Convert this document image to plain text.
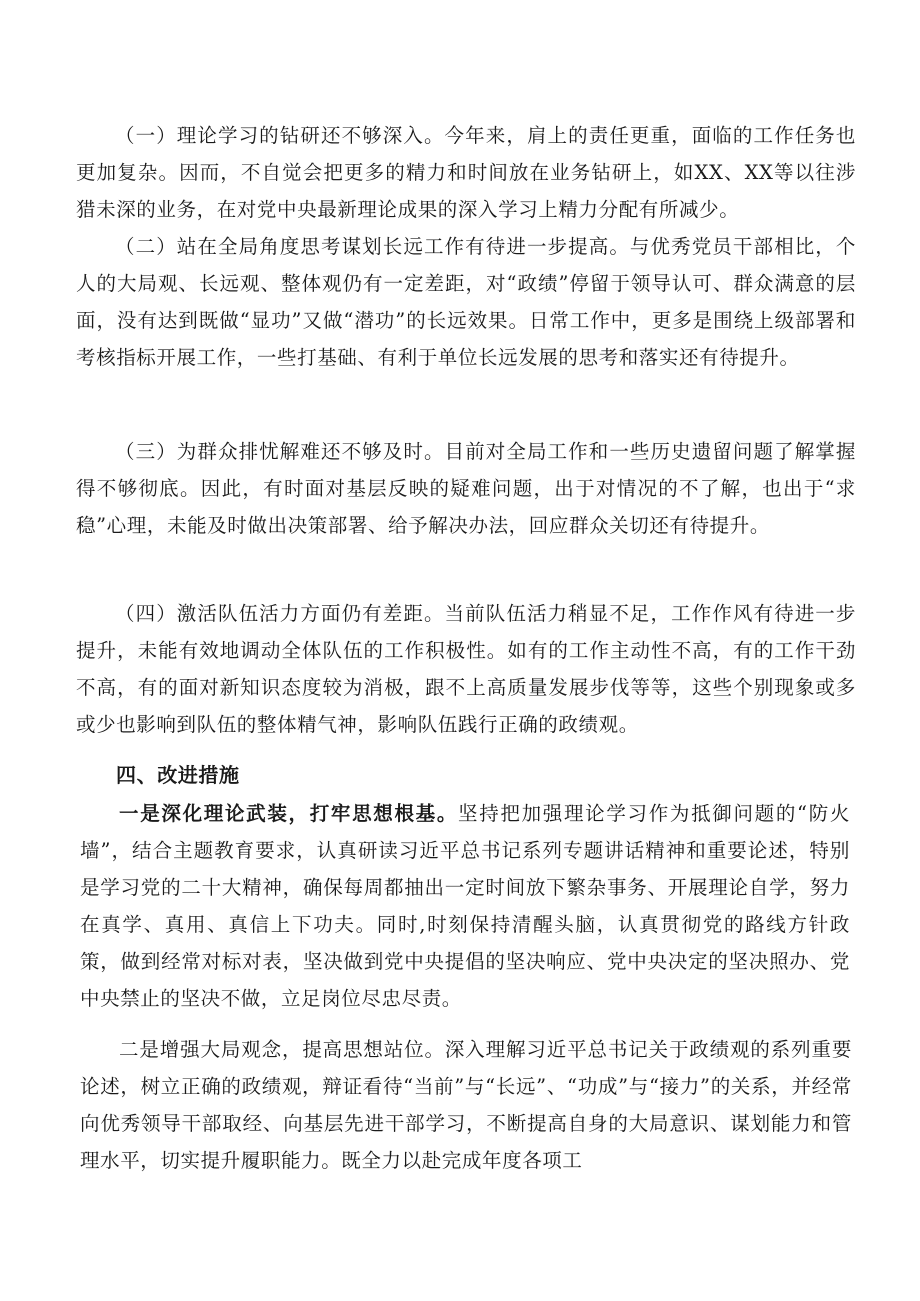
（一）理论学习的钻研还不够深入。今年来，肩上的责任更重，面临的工作任务也更加复杂。因而，不自觉会把更多的精力和时间放在业务钻研上，如XX、XX等以往涉猎未深的业务，在对党中央最新理论成果的深入学习上精力分配有所减少。

（二）站在全局角度思考谋划长远工作有待进一步提高。与优秀党员干部相比，个人的大局观、长远观、整体观仍有一定差距，对“政绩”停留于领导认可、群众满意的层面，没有达到既做“显功”又做“潜功”的长远效果。日常工作中，更多是围绕上级部署和考核指标开展工作，一些打基础、有利于单位长远发展的思考和落实还有待提升。

（三）为群众排忧解难还不够及时。目前对全局工作和一些历史遗留问题了解掌握得不够彻底。因此，有时面对基层反映的疑难问题，出于对情况的不了解，也出于“求稳”心理，未能及时做出决策部署、给予解决办法，回应群众关切还有待提升。

（四）激活队伍活力方面仍有差距。当前队伍活力稍显不足，工作作风有待进一步提升，未能有效地调动全体队伍的工作积极性。如有的工作主动性不高，有的工作干劲不高，有的面对新知识态度较为消极，跟不上高质量发展步伐等等，这些个别现象或多或少也影响到队伍的整体精气神，影响队伍践行正确的政绩观。

四、改进措施

一是深化理论武装，打牢思想根基。坚持把加强理论学习作为抵御问题的“防火墙”，结合主题教育要求，认真研读习近平总书记系列专题讲话精神和重要论述，特别是学习党的二十大精神，确保每周都抽出一定时间放下繁杂事务、开展理论自学，努力在真学、真用、真信上下功夫。同时,时刻保持清醒头脑，认真贯彻党的路线方针政策，做到经常对标对表，坚决做到党中央提倡的坚决响应、党中央决定的坚决照办、党中央禁止的坚决不做，立足岗位尽忠尽责。

二是增强大局观念，提高思想站位。深入理解习近平总书记关于政绩观的系列重要论述，树立正确的政绩观，辩证看待“当前”与“长远”、“功成”与“接力”的关系，并经常向优秀领导干部取经、向基层先进干部学习，不断提高自身的大局意识、谋划能力和管理水平，切实提升履职能力。既全力以赴完成年度各项工
